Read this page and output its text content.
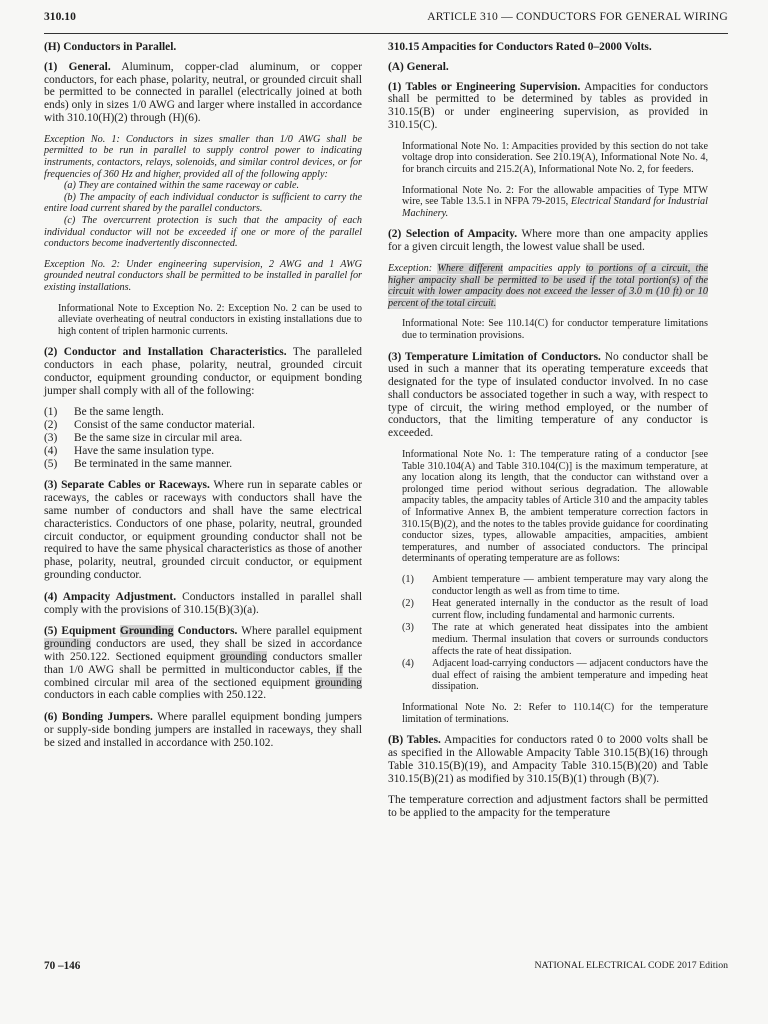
310.10	ARTICLE 310 — CONDUCTORS FOR GENERAL WIRING

(H) Conductors in Parallel.

(1) General. Aluminum, copper-clad aluminum, or copper conductors, for each phase, polarity, neutral, or grounded circuit shall be permitted to be connected in parallel (electrically joined at both ends) only in sizes 1/0 AWG and larger where installed in accordance with 310.10(H)(2) through (H)(6).

Exception No. 1: Conductors in sizes smaller than 1/0 AWG shall be permitted to be run in parallel to supply control power to indicating instruments, contactors, relays, solenoids, and similar control devices, or for frequencies of 360 Hz and higher, provided all of the following apply:
(a) They are contained within the same raceway or cable.
(b) The ampacity of each individual conductor is sufficient to carry the entire load current shared by the parallel conductors.
(c) The overcurrent protection is such that the ampacity of each individual conductor will not be exceeded if one or more of the parallel conductors become inadvertently disconnected.

Exception No. 2: Under engineering supervision, 2 AWG and 1 AWG grounded neutral conductors shall be permitted to be installed in parallel for existing installations.

Informational Note to Exception No. 2: Exception No. 2 can be used to alleviate overheating of neutral conductors in existing installations due to high content of triplen harmonic currents.

(2) Conductor and Installation Characteristics. The paralleled conductors in each phase, polarity, neutral, grounded circuit conductor, equipment grounding conductor, or equipment bonding jumper shall comply with all of the following:

(1) Be the same length.
(2) Consist of the same conductor material.
(3) Be the same size in circular mil area.
(4) Have the same insulation type.
(5) Be terminated in the same manner.

(3) Separate Cables or Raceways. Where run in separate cables or raceways, the cables or raceways with conductors shall have the same number of conductors and shall have the same electrical characteristics. Conductors of one phase, polarity, neutral, grounded circuit conductor, or equipment grounding conductor shall not be required to have the same physical characteristics as those of another phase, polarity, neutral, grounded circuit conductor, or equipment grounding conductor.

(4) Ampacity Adjustment. Conductors installed in parallel shall comply with the provisions of 310.15(B)(3)(a).

(5) Equipment Grounding Conductors. Where parallel equipment grounding conductors are used, they shall be sized in accordance with 250.122. Sectioned equipment grounding conductors smaller than 1/0 AWG shall be permitted in multiconductor cables, if the combined circular mil area of the sectioned equipment grounding conductors in each cable complies with 250.122.

(6) Bonding Jumpers. Where parallel equipment bonding jumpers or supply-side bonding jumpers are installed in raceways, they shall be sized and installed in accordance with 250.102.

310.15 Ampacities for Conductors Rated 0–2000 Volts.

(A) General.

(1) Tables or Engineering Supervision. Ampacities for conductors shall be permitted to be determined by tables as provided in 310.15(B) or under engineering supervision, as provided in 310.15(C).

Informational Note No. 1: Ampacities provided by this section do not take voltage drop into consideration. See 210.19(A), Informational Note No. 4, for branch circuits and 215.2(A), Informational Note No. 2, for feeders.

Informational Note No. 2: For the allowable ampacities of Type MTW wire, see Table 13.5.1 in NFPA 79-2015, Electrical Standard for Industrial Machinery.

(2) Selection of Ampacity. Where more than one ampacity applies for a given circuit length, the lowest value shall be used.

Exception: Where different ampacities apply to portions of a circuit, the higher ampacity shall be permitted to be used if the total portion(s) of the circuit with lower ampacity does not exceed the lesser of 3.0 m (10 ft) or 10 percent of the total circuit.

Informational Note: See 110.14(C) for conductor temperature limitations due to termination provisions.

(3) Temperature Limitation of Conductors. No conductor shall be used in such a manner that its operating temperature exceeds that designated for the type of insulated conductor involved. In no case shall conductors be associated together in such a way, with respect to type of circuit, the wiring method employed, or the number of conductors, that the limiting temperature of any conductor is exceeded.

Informational Note No. 1: The temperature rating of a conductor [see Table 310.104(A) and Table 310.104(C)] is the maximum temperature, at any location along its length, that the conductor can withstand over a prolonged time period without serious degradation. The allowable ampacity tables, the ampacity tables of Article 310 and the ampacity tables of Informative Annex B, the ambient temperature correction factors in 310.15(B)(2), and the notes to the tables provide guidance for coordinating conductor sizes, types, allowable ampacities, ampacities, ambient temperatures, and number of associated conductors. The principal determinants of operating temperature are as follows:

(1) Ambient temperature — ambient temperature may vary along the conductor length as well as from time to time.
(2) Heat generated internally in the conductor as the result of load current flow, including fundamental and harmonic currents.
(3) The rate at which generated heat dissipates into the ambient medium. Thermal insulation that covers or surrounds conductors affects the rate of heat dissipation.
(4) Adjacent load-carrying conductors — adjacent conductors have the dual effect of raising the ambient temperature and impeding heat dissipation.

Informational Note No. 2: Refer to 110.14(C) for the temperature limitation of terminations.

(B) Tables. Ampacities for conductors rated 0 to 2000 volts shall be as specified in the Allowable Ampacity Table 310.15(B)(16) through Table 310.15(B)(19), and Ampacity Table 310.15(B)(20) and Table 310.15(B)(21) as modified by 310.15(B)(1) through (B)(7).

The temperature correction and adjustment factors shall be permitted to be applied to the ampacity for the temperature

70 –146	NATIONAL ELECTRICAL CODE 2017 Edition
